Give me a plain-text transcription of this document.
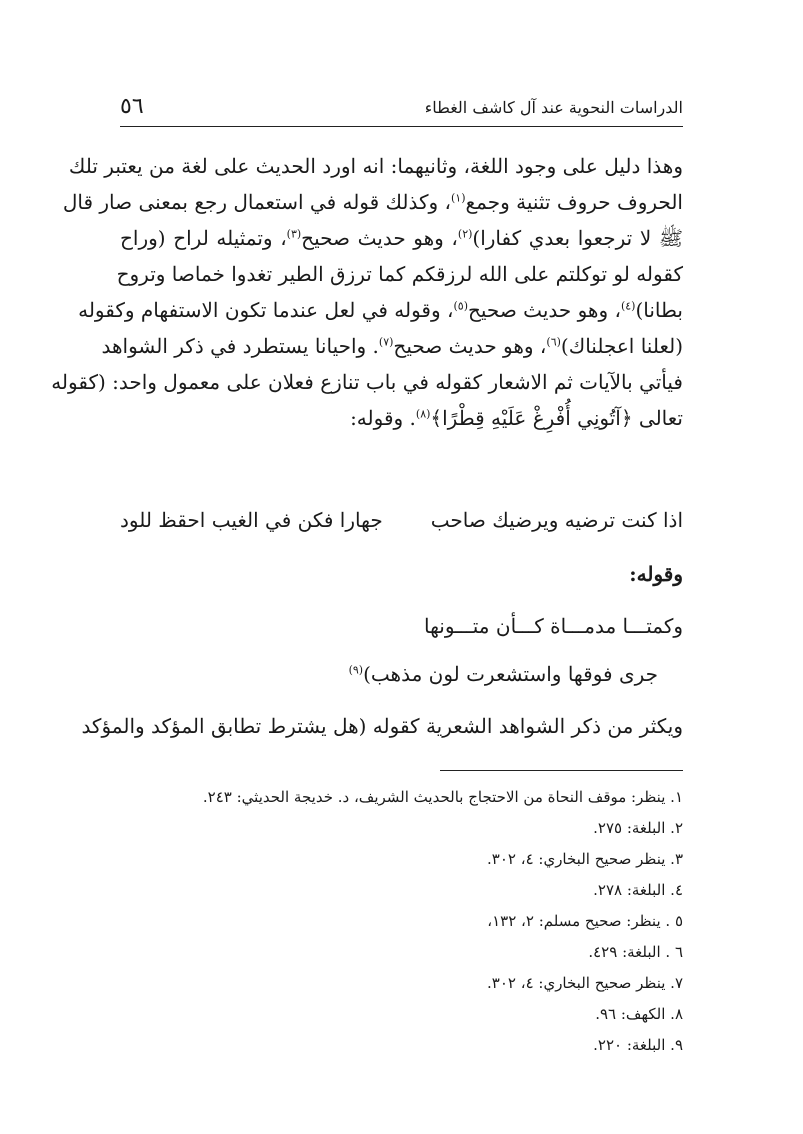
الدراسات النحوية عند آل كاشف الغطاء
٥٦
وهذا دليل على وجود اللغة، وثانيهما: انه اورد الحديث على لغة من يعتبر تلك
الحروف حروف تثنية وجمع$^{(١)}$، وكذلك قوله في استعمال رجع بمعنى صار قال
ﷺ لا ترجعوا بعدي كفارا)$^{(٢)}$، وهو حديث صحيح$^{(٣)}$، وتمثيله لراح (وراح
كقوله لو توكلتم على الله لرزقكم كما ترزق الطير تغدوا خماصا وتروح
بطانا)$^{(٤)}$، وهو حديث صحيح$^{(٥)}$، وقوله في لعل عندما تكون الاستفهام وكقوله
(لعلنا اعجلناك)$^{(٦)}$، وهو حديث صحيح$^{(٧)}$. واحيانا يستطرد في ذكر الشواهد
فيأتي بالآيات ثم الاشعار كقوله في باب تنازع فعلان على معمول واحد: (كقوله
تعالى ﴿آتُونِي أُفْرِغْ عَلَيْهِ قِطْرًا﴾$^{(٨)}$. وقوله:
اذا كنت ترضيه ويرضيك صاحب
جهارا فكن في الغيب احقظ للود
وقوله:
وكمتـــا مدمـــاة كـــأن متـــونها
جرى فوقها واستشعرت لون مذهب)$^{(٩)}$
ويكثر من ذكر الشواهد الشعرية كقوله (هل يشترط تطابق المؤكد والمؤكد
١. ينظر: موقف النحاة من الاحتجاج بالحديث الشريف، د. خديجة الحديثي: ٢٤٣.
٢. البلغة: ٢٧٥.
٣. ينظر صحيح البخاري: ٤، ٣٠٢.
٤. البلغة: ٢٧٨.
٥ . ينظر: صحيح مسلم: ٢، ١٣٢،
٦ . البلغة: ٤٢٩.
٧. ينظر صحيح البخاري: ٤، ٣٠٢.
٨. الكهف: ٩٦.
٩. البلغة: ٢٢٠.
